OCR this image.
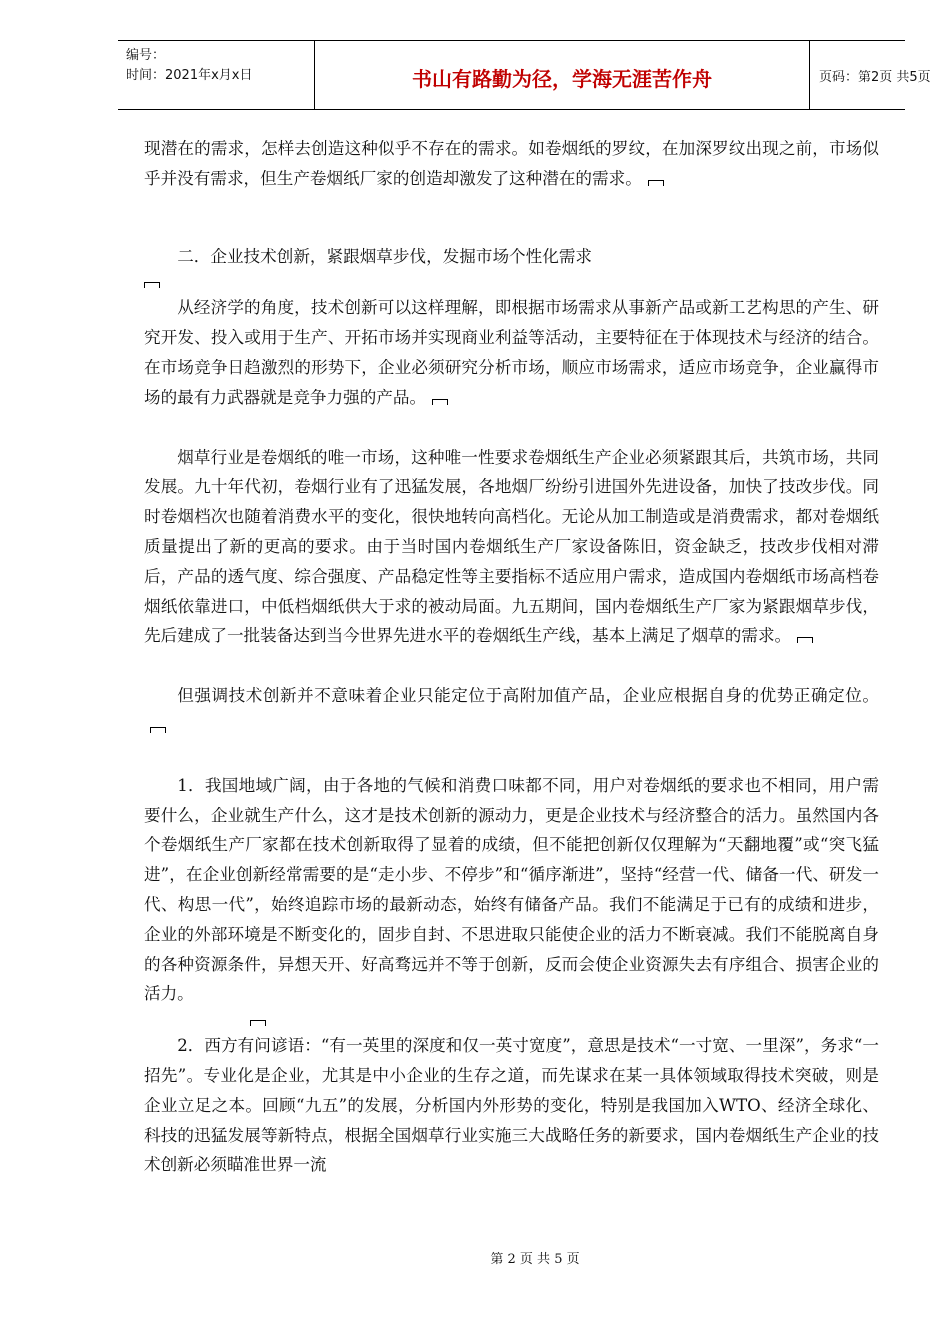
编号：
时间：2021年x月x日	书山有路勤为径，学海无涯苦作舟	页码：第2页 共5页

现潜在的需求，怎样去创造这种似乎不存在的需求。如卷烟纸的罗纹，在加深罗纹出现之前，市场似乎并没有需求，但生产卷烟纸厂家的创造却激发了这种潜在的需求。

二．企业技术创新，紧跟烟草步伐，发掘市场个性化需求

从经济学的角度，技术创新可以这样理解，即根据市场需求从事新产品或新工艺构思的产生、研究开发、投入或用于生产、开拓市场并实现商业利益等活动，主要特征在于体现技术与经济的结合。在市场竞争日趋激烈的形势下，企业必须研究分析市场，顺应市场需求，适应市场竞争，企业赢得市场的最有力武器就是竞争力强的产品。

烟草行业是卷烟纸的唯一市场，这种唯一性要求卷烟纸生产企业必须紧跟其后，共筑市场，共同发展。九十年代初，卷烟行业有了迅猛发展，各地烟厂纷纷引进国外先进设备，加快了技改步伐。同时卷烟档次也随着消费水平的变化，很快地转向高档化。无论从加工制造或是消费需求，都对卷烟纸质量提出了新的更高的要求。由于当时国内卷烟纸生产厂家设备陈旧，资金缺乏，技改步伐相对滞后，产品的透气度、综合强度、产品稳定性等主要指标不适应用户需求，造成国内卷烟纸市场高档卷烟纸依靠进口，中低档烟纸供大于求的被动局面。九五期间，国内卷烟纸生产厂家为紧跟烟草步伐，先后建成了一批装备达到当今世界先进水平的卷烟纸生产线，基本上满足了烟草的需求。

但强调技术创新并不意味着企业只能定位于高附加值产品，企业应根据自身的优势正确定位。

1．我国地域广阔，由于各地的气候和消费口味都不同，用户对卷烟纸的要求也不相同，用户需要什么，企业就生产什么，这才是技术创新的源动力，更是企业技术与经济整合的活力。虽然国内各个卷烟纸生产厂家都在技术创新取得了显着的成绩，但不能把创新仅仅理解为“天翻地覆”或“突飞猛进”，在企业创新经常需要的是“走小步、不停步”和“循序渐进”，坚持“经营一代、储备一代、研发一代、构思一代”，始终追踪市场的最新动态，始终有储备产品。我们不能满足于已有的成绩和进步，企业的外部环境是不断变化的，固步自封、不思进取只能使企业的活力不断衰减。我们不能脱离自身的各种资源条件，异想天开、好高骛远并不等于创新，反而会使企业资源失去有序组合、损害企业的活力。

2．西方有问谚语：“有一英里的深度和仅一英寸宽度”，意思是技术“一寸宽、一里深”，务求“一招先”。专业化是企业，尤其是中小企业的生存之道，而先谋求在某一具体领域取得技术突破，则是企业立足之本。回顾“九五”的发展，分析国内外形势的变化，特别是我国加入WTO、经济全球化、科技的迅猛发展等新特点，根据全国烟草行业实施三大战略任务的新要求，国内卷烟纸生产企业的技术创新必须瞄准世界一流

第 2 页 共 5 页
